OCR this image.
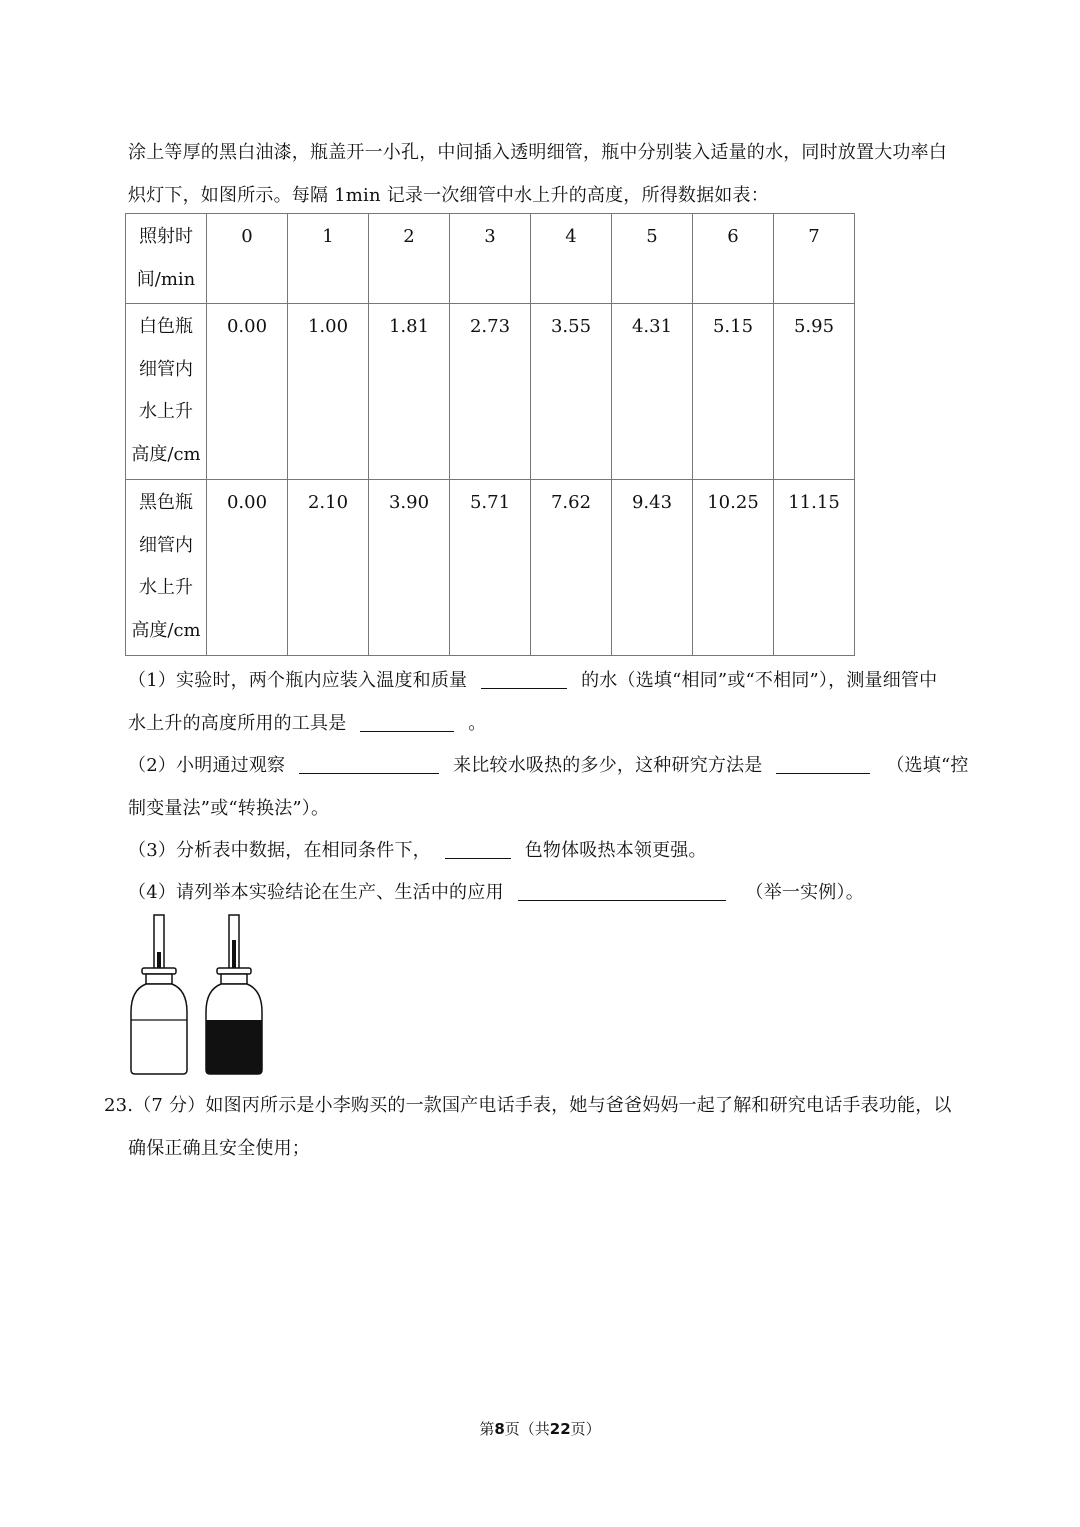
涂上等厚的黑白油漆，瓶盖开一小孔，中间插入透明细管，瓶中分别装入适量的水，同时放置大功率白
炽灯下，如图所示。每隔 1min 记录一次细管中水上升的高度，所得数据如表：
照射时
间/min	0	1	2	3	4	5	6	7

白色瓶
细管内
水上升
高度/cm	0.00	1.00	1.81	2.73	3.55	4.31	5.15	5.95

黑色瓶
细管内
水上升
高度/cm	0.00	2.10	3.90	5.71	7.62	9.43	10.25	11.15
（1）实验时，两个瓶内应装入温度和质量	的水（选填“相同”或“不相同”），测量细管中
水上升的高度所用的工具是	。
（2）小明通过观察	来比较水吸热的多少，这种研究方法是	（选填“控
制变量法”或“转换法”）。
（3）分析表中数据，在相同条件下，	色物体吸热本领更强。
（4）请列举本实验结论在生产、生活中的应用	（举一实例）。
23.（7 分）如图丙所示是小李购买的一款国产电话手表，她与爸爸妈妈一起了解和研究电话手表功能，以
确保正确且安全使用；
第8页（共22页）
